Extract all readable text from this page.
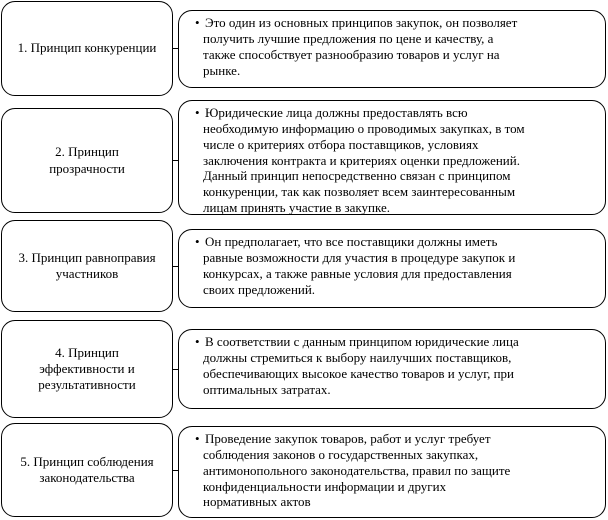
1. Принцип конкуренции
• Это один из основных принципов закупок, он позволяет
получить лучшие предложения по цене и качеству, а
также способствует разнообразию товаров и услуг на
рынке.
2. Принцип
прозрачности
• Юридические лица должны предоставлять всю
необходимую информацию о проводимых закупках, в том
числе о критериях отбора поставщиков, условиях
заключения контракта и критериях оценки предложений.
Данный принцип непосредственно связан с принципом
конкуренции, так как позволяет всем заинтересованным
лицам принять участие в закупке.
3. Принцип равноправия
участников
• Он предполагает, что все поставщики должны иметь
равные возможности для участия в процедуре закупок и
конкурсах, а также равные условия для предоставления
своих предложений.
4. Принцип
эффективности и
результативности
• В соответствии с данным принципом юридические лица
должны стремиться к выбору наилучших поставщиков,
обеспечивающих высокое качество товаров и услуг, при
оптимальных затратах.
5. Принцип соблюдения
законодательства
• Проведение закупок товаров, работ и услуг требует
соблюдения законов о государственных закупках,
антимонопольного законодательства, правил по защите
конфиденциальности информации и других
нормативных актов
